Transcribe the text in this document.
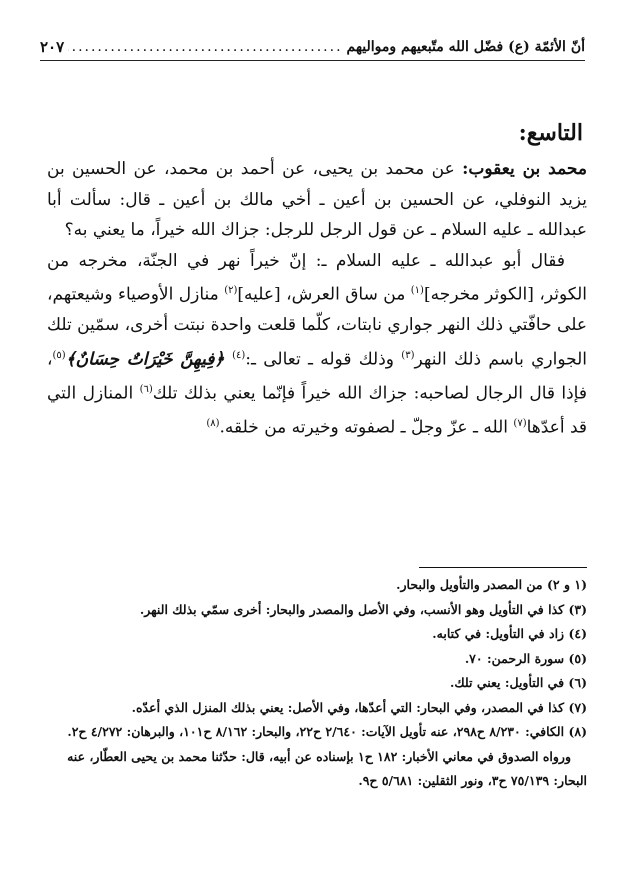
أنّ الأئمّة (ع) فضّل الله متّبعيهم ومواليهم
.....
٢٠٧
التاسع:

محمد بن يعقوب: عن محمد بن يحيى، عن أحمد بن محمد، عن الحسين بن يزيد النوفلي، عن الحسين بن أعين ـ أخي مالك بن أعين ـ قال: سألت أبا عبدالله ـ عليه السلام ـ عن قول الرجل للرجل: جزاك الله خيراً، ما يعني به؟

فقال أبو عبدالله ـ عليه السلام ـ: إنّ خيراً نهر في الجنّة، مخرجه من الكوثر، [الكوثر مخرجه]$^{(١)}$ من ساق العرش، [عليه]$^{(٢)}$ منازل الأوصياء وشيعتهم، على حافّتي ذلك النهر جواري نابتات، كلّما قلعت واحدة نبتت أخرى، سمّين تلك الجواري باسم ذلك النهر$^{(٣)}$ وذلك قوله ـ تعالى ـ:$^{(٤)}$ ﴿فِيهِنَّ خَيْرَاتٌ حِسَانٌ﴾$^{(٥)}$، فإذا قال الرجال لصاحبه: جزاك الله خيراً فإنّما يعني بذلك تلك$^{(٦)}$ المنازل التي قد أعدّها$^{(٧)}$ الله ـ عزّ وجلّ ـ لصفوته وخيرته من خلقه.$^{(٨)}$

(١ و ٢) من المصدر والتأويل والبحار.

(٣) كذا في التأويل وهو الأنسب، وفي الأصل والمصدر والبحار: أخرى سمّي بذلك النهر.

(٤) زاد في التأويل: في كتابه.

(٥) سورة الرحمن: ٧٠.

(٦) في التأويل: يعني تلك.

(٧) كذا في المصدر، وفي البحار: التي أعدّها، وفي الأصل: يعني بذلك المنزل الذي أعدّه.

(٨) الكافي: ٨/٢٣٠ ح٢٩٨، عنه تأويل الآيات: ٢/٦٤٠ ح٢٢، والبحار: ٨/١٦٢ ح١٠١، والبرهان: ٤/٢٧٢ ح٢.

ورواه الصدوق في معاني الأخبار: ١٨٢ ح١ بإسناده عن أبيه، قال: حدّثنا محمد بن يحيى العطّار، عنه البحار: ٧٥/١٣٩ ح٣، ونور الثقلين: ٥/٦٨١ ح٩.
